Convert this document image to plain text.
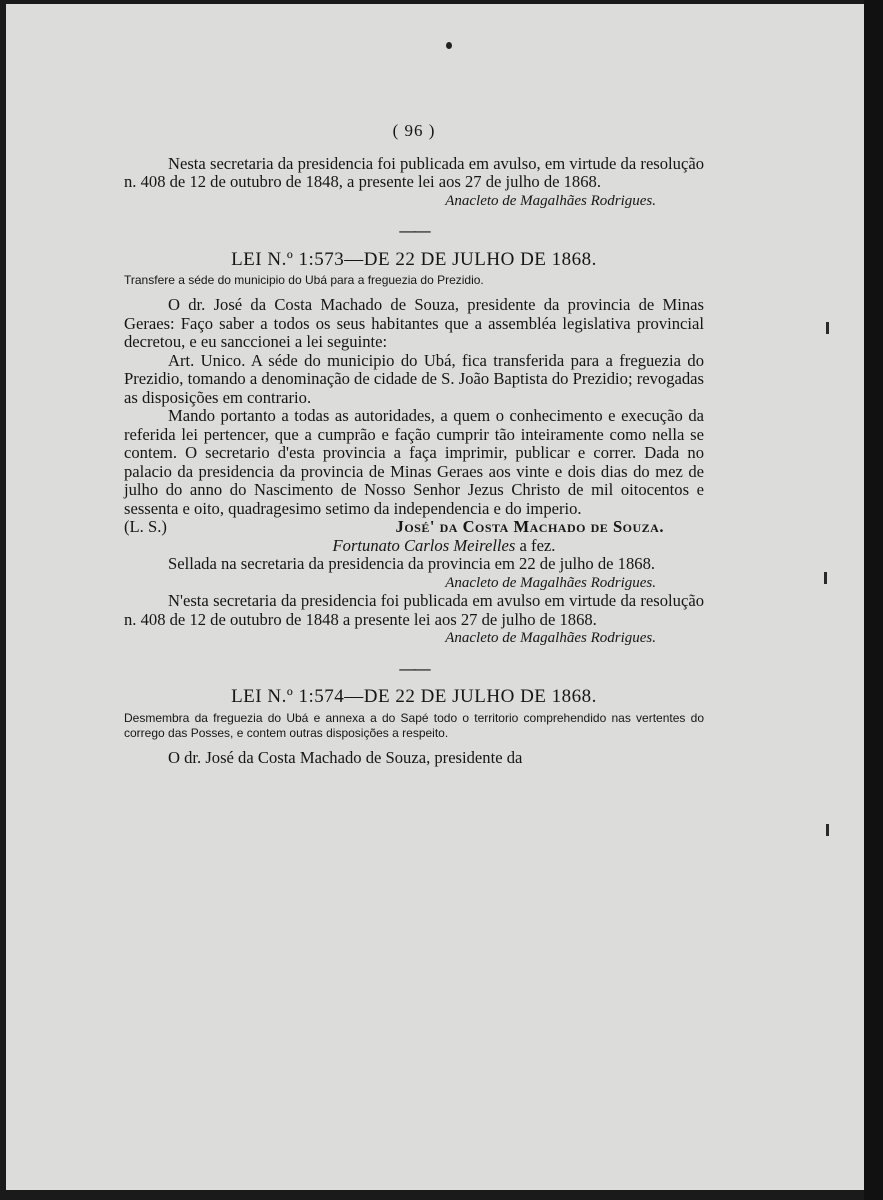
( 96 )

Nesta secretaria da presidencia foi publicada em avulso, em virtude da resolução n. 408 de 12 de outubro de 1848, a presente lei aos 27 de julho de 1868.

Anacleto de Magalhães Rodrigues.
——
LEI N.º 1:573—DE 22 DE JULHO DE 1868.
Transfere a séde do municipio do Ubá para a freguezia do Prezidio.

O dr. José da Costa Machado de Souza, presidente da provincia de Minas Geraes: Faço saber a todos os seus habitantes que a assembléa legislativa provincial decretou, e eu sanccionei a lei seguinte:

Art. Unico. A séde do municipio do Ubá, fica transferida para a freguezia do Prezidio, tomando a denominação de cidade de S. João Baptista do Prezidio; revogadas as disposições em contrario.

Mando portanto a todas as autoridades, a quem o conhecimento e execução da referida lei pertencer, que a cumprão e fação cumprir tão inteiramente como nella se contem. O secretario d'esta provincia a faça imprimir, publicar e correr. Dada no palacio da presidencia da provincia de Minas Geraes aos vinte e dois dias do mez de julho do anno do Nascimento de Nosso Senhor Jezus Christo de mil oitocentos e sessenta e oito, quadragesimo setimo da independencia e do imperio.

(L. S.)	José' da Costa Machado de Souza.
Fortunato Carlos Meirelles a fez.

Sellada na secretaria da presidencia da provincia em 22 de julho de 1868.

Anacleto de Magalhães Rodrigues.

N'esta secretaria da presidencia foi publicada em avulso em virtude da resolução n. 408 de 12 de outubro de 1848 a presente lei aos 27 de julho de 1868.

Anacleto de Magalhães Rodrigues.
——
LEI N.º 1:574—DE 22 DE JULHO DE 1868.
Desmembra da freguezia do Ubá e annexa a do Sapé todo o territorio comprehendido nas vertentes do corrego das Posses, e contem outras disposições a respeito.

O dr. José da Costa Machado de Souza, presidente da
